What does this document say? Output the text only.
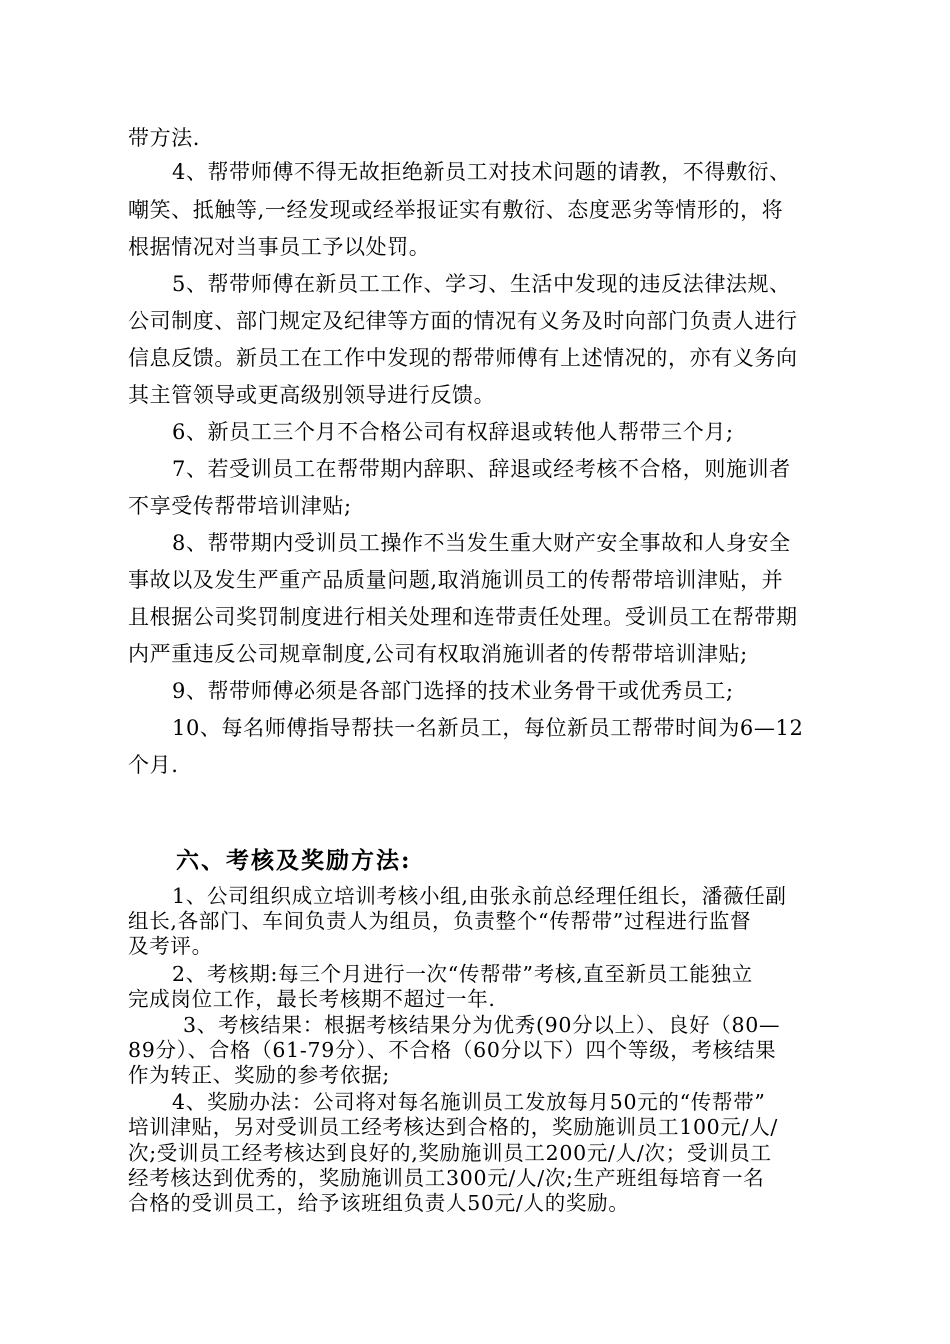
带方法.
4、帮带师傅不得无故拒绝新员工对技术问题的请教，不得敷衍、
嘲笑、抵触等,一经发现或经举报证实有敷衍、态度恶劣等情形的，将
根据情况对当事员工予以处罚。
5、帮带师傅在新员工工作、学习、生活中发现的违反法律法规、
公司制度、部门规定及纪律等方面的情况有义务及时向部门负责人进行
信息反馈。新员工在工作中发现的帮带师傅有上述情况的，亦有义务向
其主管领导或更高级别领导进行反馈。
6、新员工三个月不合格公司有权辞退或转他人帮带三个月;
7、若受训员工在帮带期内辞职、辞退或经考核不合格，则施训者
不享受传帮带培训津贴;
8、帮带期内受训员工操作不当发生重大财产安全事故和人身安全
事故以及发生严重产品质量问题,取消施训员工的传帮带培训津贴，并
且根据公司奖罚制度进行相关处理和连带责任处理。受训员工在帮带期
内严重违反公司规章制度,公司有权取消施训者的传帮带培训津贴;
9、帮带师傅必须是各部门选择的技术业务骨干或优秀员工;
10、每名师傅指导帮扶一名新员工，每位新员工帮带时间为6—12
个月.
六、考核及奖励方法:
1、公司组织成立培训考核小组,由张永前总经理任组长，潘薇任副
组长,各部门、车间负责人为组员，负责整个“传帮带”过程进行监督
及考评。
2、考核期:每三个月进行一次“传帮带”考核,直至新员工能独立
完成岗位工作，最长考核期不超过一年.
3、考核结果：根据考核结果分为优秀(90分以上）、良好（80—
89分）、合格（61-79分）、不合格（60分以下）四个等级，考核结果
作为转正、奖励的参考依据;
4、奖励办法：公司将对每名施训员工发放每月50元的“传帮带”
培训津贴，另对受训员工经考核达到合格的，奖励施训员工100元/人/
次;受训员工经考核达到良好的,奖励施训员工200元/人/次；受训员工
经考核达到优秀的，奖励施训员工300元/人/次;生产班组每培育一名
合格的受训员工，给予该班组负责人50元/人的奖励。
